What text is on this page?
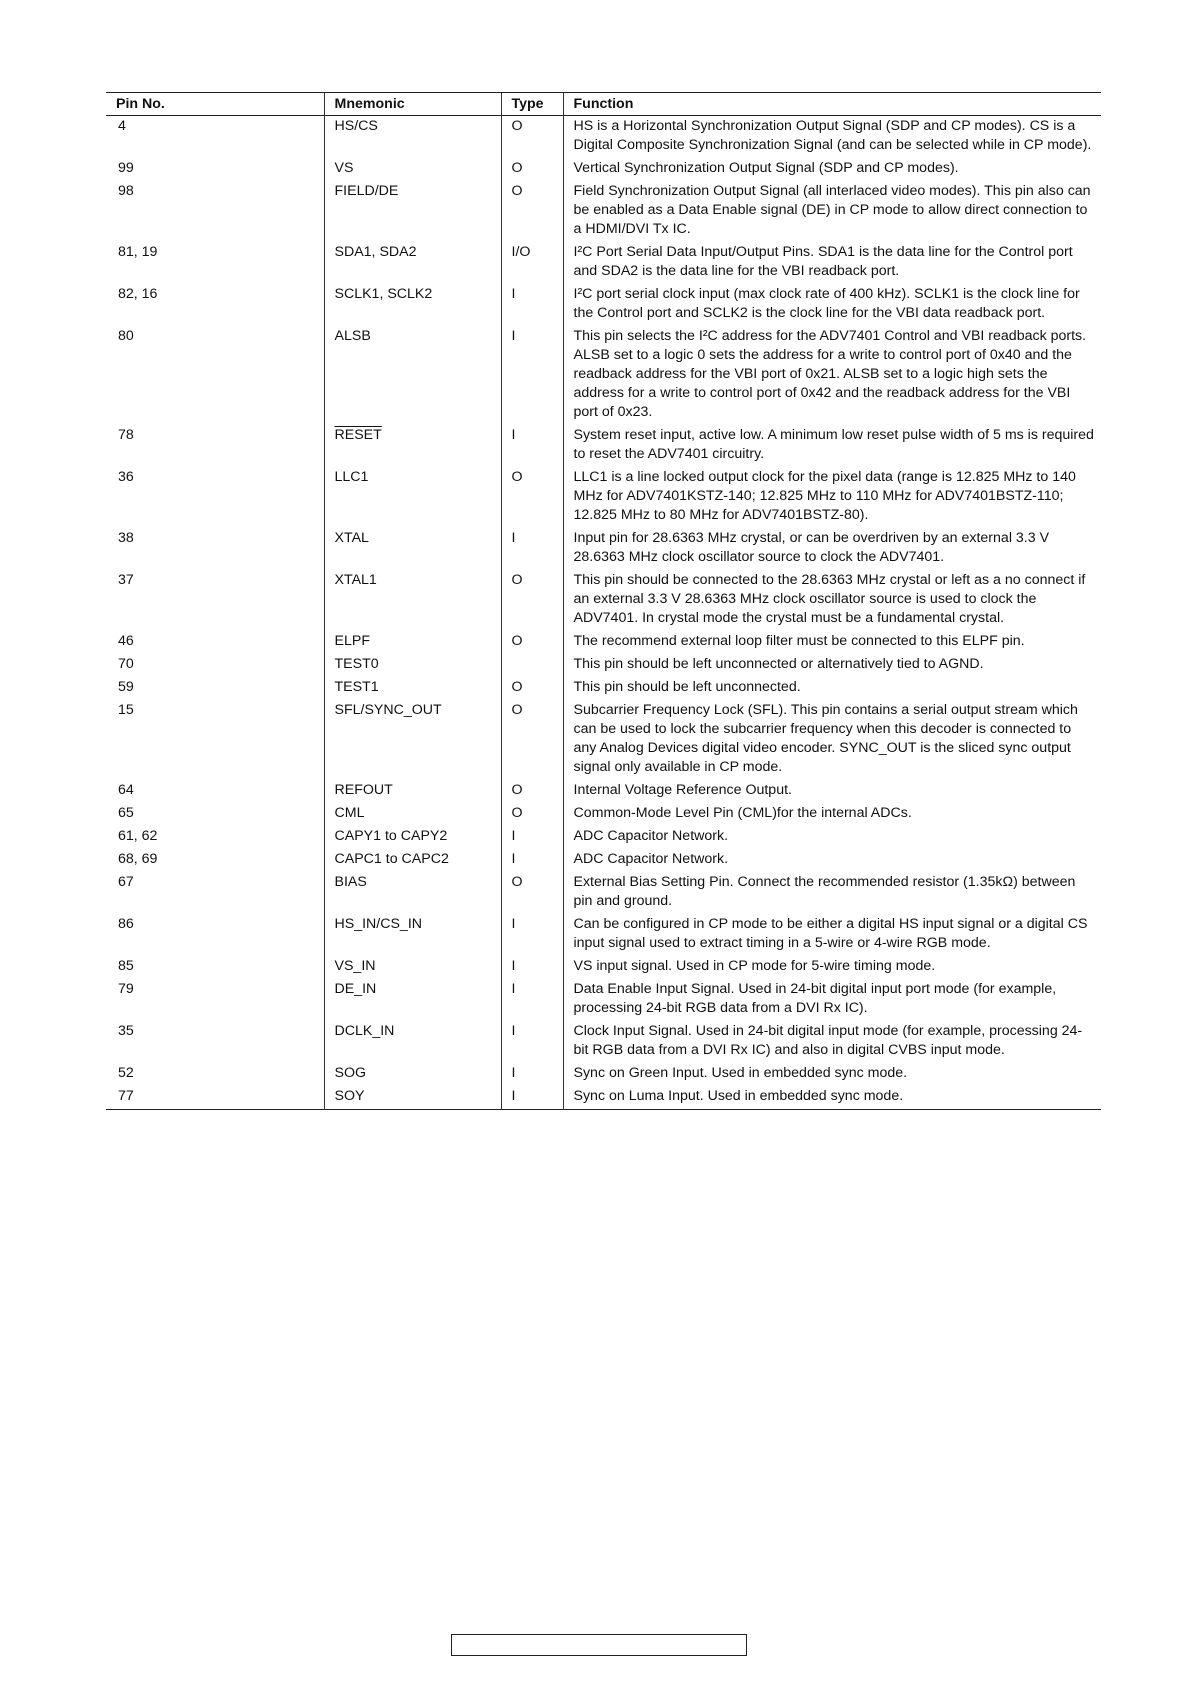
Pin No.	Mnemonic	Type	Function
4	HS/CS	O	HS is a Horizontal Synchronization Output Signal (SDP and CP modes). CS is a Digital Composite Synchronization Signal (and can be selected while in CP mode).
99	VS	O	Vertical Synchronization Output Signal (SDP and CP modes).
98	FIELD/DE	O	Field Synchronization Output Signal (all interlaced video modes). This pin also can be enabled as a Data Enable signal (DE) in CP mode to allow direct connection to a HDMI/DVI Tx IC.
81, 19	SDA1, SDA2	I/O	I²C Port Serial Data Input/Output Pins. SDA1 is the data line for the Control port and SDA2 is the data line for the VBI readback port.
82, 16	SCLK1, SCLK2	I	I²C port serial clock input (max clock rate of 400 kHz). SCLK1 is the clock line for the Control port and SCLK2 is the clock line for the VBI data readback port.
80	ALSB	I	This pin selects the I²C address for the ADV7401 Control and VBI readback ports. ALSB set to a logic 0 sets the address for a write to control port of 0x40 and the readback address for the VBI port of 0x21. ALSB set to a logic high sets the address for a write to control port of 0x42 and the readback address for the VBI port of 0x23.
78	RESET	I	System reset input, active low. A minimum low reset pulse width of 5 ms is required to reset the ADV7401 circuitry.
36	LLC1	O	LLC1 is a line locked output clock for the pixel data (range is 12.825 MHz to 140 MHz for ADV7401KSTZ-140; 12.825 MHz to 110 MHz for ADV7401BSTZ-110; 12.825 MHz to 80 MHz for ADV7401BSTZ-80).
38	XTAL	I	Input pin for 28.6363 MHz crystal, or can be overdriven by an external 3.3 V 28.6363 MHz clock oscillator source to clock the ADV7401.
37	XTAL1	O	This pin should be connected to the 28.6363 MHz crystal or left as a no connect if an external 3.3 V 28.6363 MHz clock oscillator source is used to clock the ADV7401. In crystal mode the crystal must be a fundamental crystal.
46	ELPF	O	The recommend external loop filter must be connected to this ELPF pin.
70	TEST0		This pin should be left unconnected or alternatively tied to AGND.
59	TEST1	O	This pin should be left unconnected.
15	SFL/SYNC_OUT	O	Subcarrier Frequency Lock (SFL). This pin contains a serial output stream which can be used to lock the subcarrier frequency when this decoder is connected to any Analog Devices digital video encoder. SYNC_OUT is the sliced sync output signal only available in CP mode.
64	REFOUT	O	Internal Voltage Reference Output.
65	CML	O	Common-Mode Level Pin (CML)for the internal ADCs.
61, 62	CAPY1 to CAPY2	I	ADC Capacitor Network.
68, 69	CAPC1 to CAPC2	I	ADC Capacitor Network.
67	BIAS	O	External Bias Setting Pin. Connect the recommended resistor (1.35kΩ) between pin and ground.
86	HS_IN/CS_IN	I	Can be configured in CP mode to be either a digital HS input signal or a digital CS input signal used to extract timing in a 5-wire or 4-wire RGB mode.
85	VS_IN	I	VS input signal. Used in CP mode for 5-wire timing mode.
79	DE_IN	I	Data Enable Input Signal. Used in 24-bit digital input port mode (for example, processing 24-bit RGB data from a DVI Rx IC).
35	DCLK_IN	I	Clock Input Signal. Used in 24-bit digital input mode (for example, processing 24-bit RGB data from a DVI Rx IC) and also in digital CVBS input mode.
52	SOG	I	Sync on Green Input. Used in embedded sync mode.
77	SOY	I	Sync on Luma Input. Used in embedded sync mode.
